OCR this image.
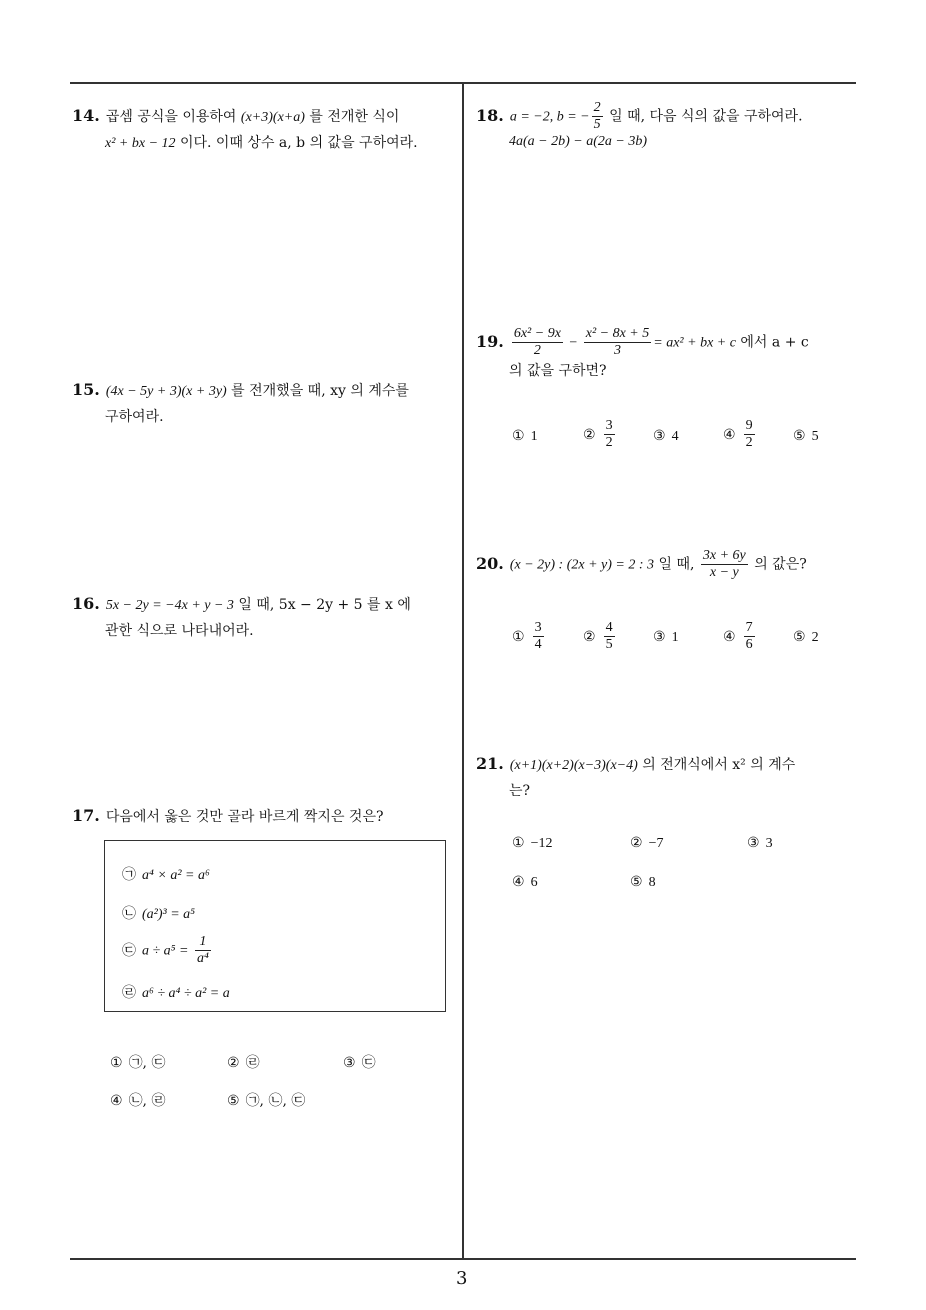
14. 곱셈 공식을 이용하여 (x+3)(x+a) 를 전개한 식이
x² + bx − 12 이다. 이때 상수 a, b 의 값을 구하여라.
15. (4x − 5y + 3)(x + 3y) 를 전개했을 때, xy 의 계수를
구하여라.
16. 5x − 2y = −4x + y − 3 일 때, 5x − 2y + 5 를 x 에
관한 식으로 나타내어라.
17. 다음에서 옳은 것만 골라 바르게 짝지은 것은?
㉠ a⁴ × a² = a⁶
㉡ (a²)³ = a⁵
㉢ $a \div a^5 = \frac{1}{\text{a⁴}}$
㉣ a⁶ ÷ a⁴ ÷ a² = a
① ㉠, ㉢	② ㉣	③ ㉢
④ ㉡, ㉣	⑤ ㉠, ㉡, ㉢
18. a = −2, b = − $\frac{2}{5}$ 일 때, 다음 식의 값을 구하여라.
4a(a − 2b) − a(2a − 3b)
19. $\frac{\text{6x² − 9x}}{2} - \frac{\text{x² − 8x + 5}}{3} = ax^2$ + bx + c 에서 a + c
의 값을 구하면?
① 1	② $\frac{3}{2}$	③ 4	④ $\frac{9}{2}$	⑤ 5
20. (x − 2y) : (2x + y) = 2 : 3 일 때, $\frac{3x + 6y}{x - y}$ 의 값은?
① $\frac{3}{4}$	② $\frac{4}{5}$	③ 1	④ $\frac{7}{6}$	⑤ 2
21. (x+1)(x+2)(x−3)(x−4) 의 전개식에서 x² 의 계수
는?
① −12	② −7	③ 3
④ 6	⑤ 8
3
